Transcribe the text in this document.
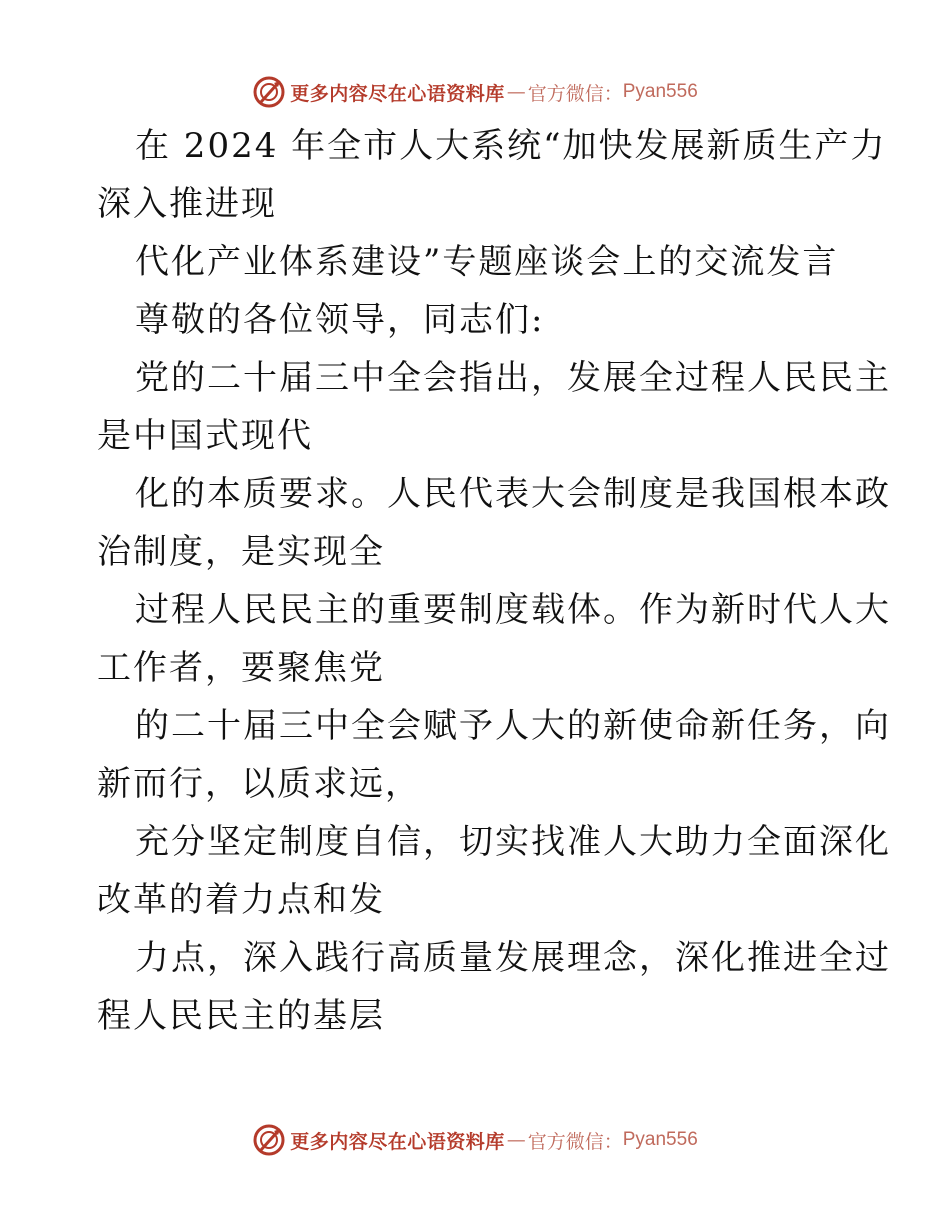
更多内容尽在心语资料库 — 官方微信： Pyan556
在 2024 年全市人大系统“加快发展新质生产力
深入推进现
代化产业体系建设”专题座谈会上的交流发言
尊敬的各位领导，同志们:
党的二十届三中全会指出，发展全过程人民民主
是中国式现代
化的本质要求。人民代表大会制度是我国根本政
治制度，是实现全
过程人民民主的重要制度载体。作为新时代人大
工作者，要聚焦党
的二十届三中全会赋予人大的新使命新任务，向
新而行，以质求远，
充分坚定制度自信，切实找准人大助力全面深化
改革的着力点和发
力点，深入践行高质量发展理念，深化推进全过
程人民民主的基层
更多内容尽在心语资料库 — 官方微信： Pyan556
